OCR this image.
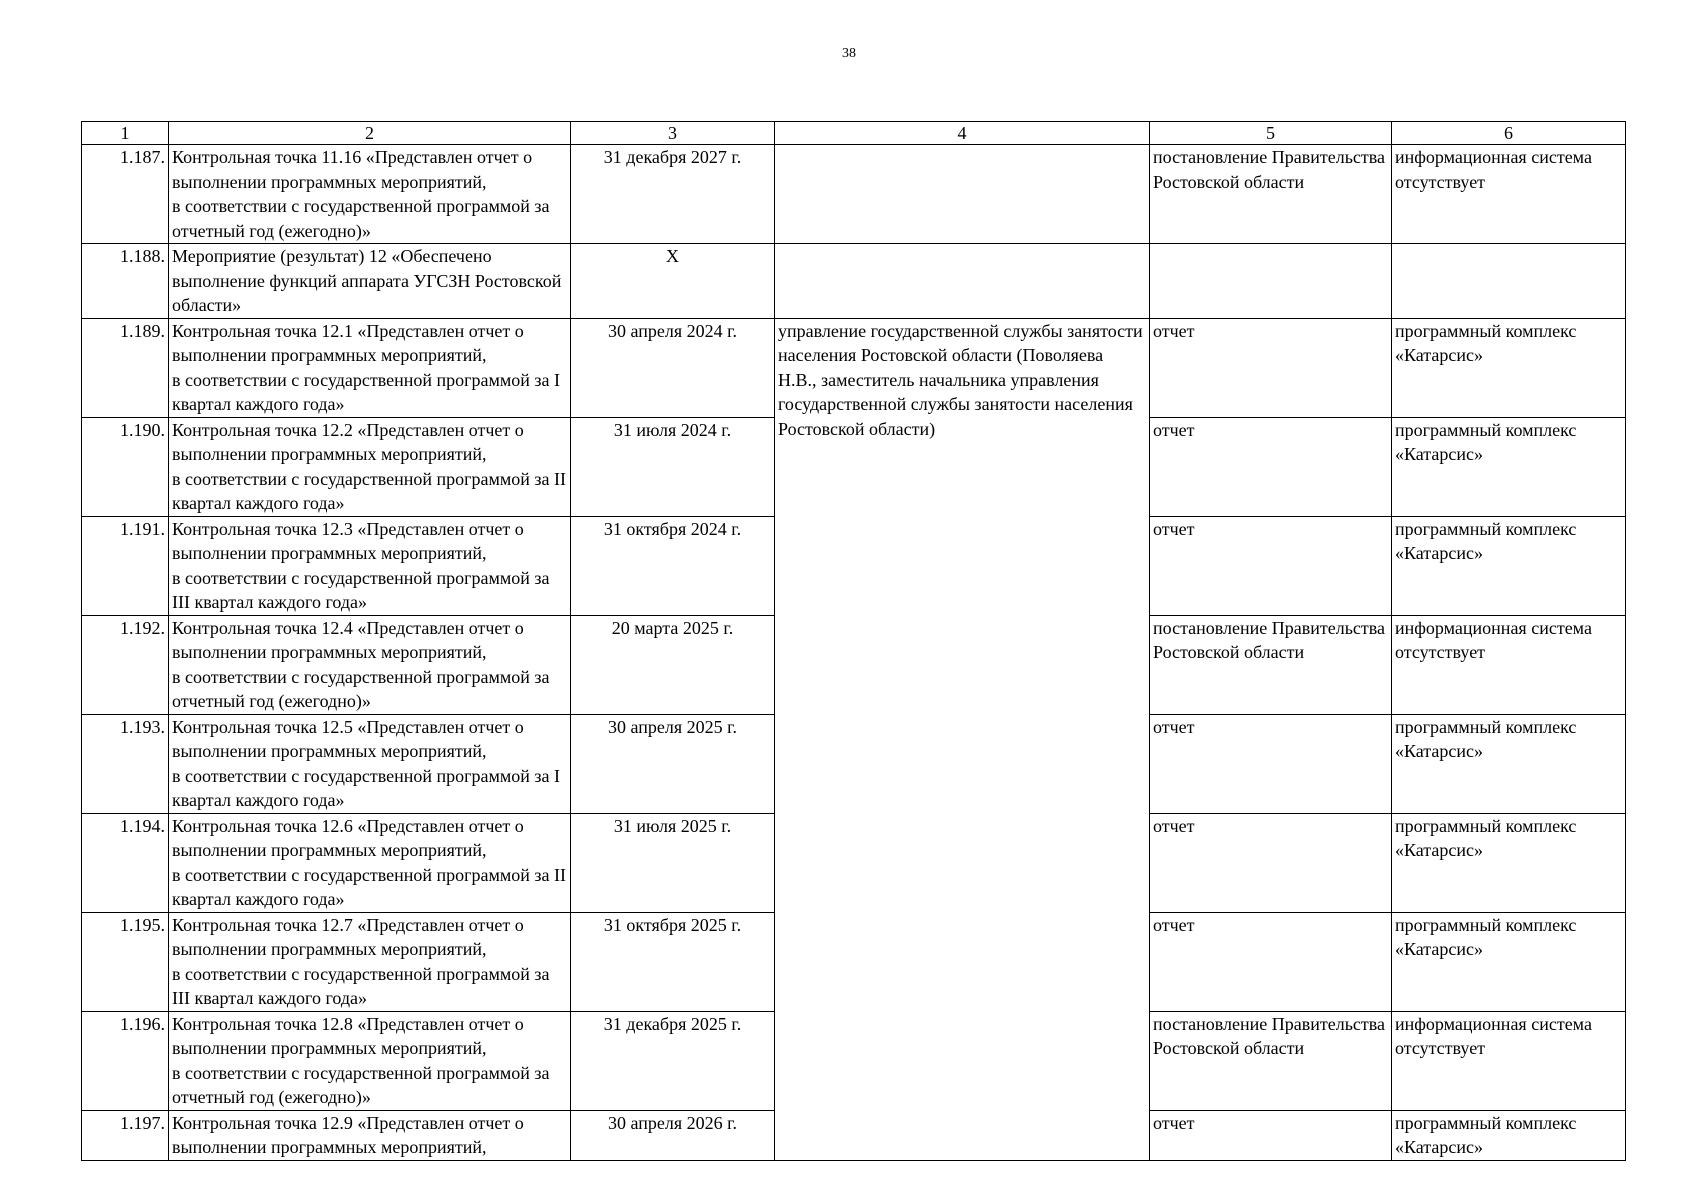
38
1	2	3	4	5	6
1.187.	Контрольная точка 11.16 «Представлен отчет о выполнении программных мероприятий,
в соответствии с государственной программой за отчетный год (ежегодно)»	31 декабря 2027 г.		постановление Правительства Ростовской области	информационная система отсутствует
1.188.	Мероприятие (результат) 12 «Обеспечено выполнение функций аппарата УГСЗН Ростовской области»	X			
1.189.	Контрольная точка 12.1 «Представлен отчет о выполнении программных мероприятий,
в соответствии с государственной программой за I квартал каждого года»	30 апреля 2024 г.	управление государственной службы занятости населения Ростовской области (Поволяева Н.В., заместитель начальника управления государственной службы занятости населения Ростовской области)	отчет	программный комплекс «Катарсис»
1.190.	Контрольная точка 12.2 «Представлен отчет о выполнении программных мероприятий,
в соответствии с государственной программой за II квартал каждого года»	31 июля 2024 г.		отчет	программный комплекс «Катарсис»
1.191.	Контрольная точка 12.3 «Представлен отчет о выполнении программных мероприятий,
в соответствии с государственной программой за III квартал каждого года»	31 октября 2024 г.		отчет	программный комплекс «Катарсис»
1.192.	Контрольная точка 12.4 «Представлен отчет о выполнении программных мероприятий,
в соответствии с государственной программой за отчетный год (ежегодно)»	20 марта 2025 г.		постановление Правительства Ростовской области	информационная система отсутствует
1.193.	Контрольная точка 12.5 «Представлен отчет о выполнении программных мероприятий,
в соответствии с государственной программой за I квартал каждого года»	30 апреля 2025 г.		отчет	программный комплекс «Катарсис»
1.194.	Контрольная точка 12.6 «Представлен отчет о выполнении программных мероприятий,
в соответствии с государственной программой за II квартал каждого года»	31 июля 2025 г.		отчет	программный комплекс «Катарсис»
1.195.	Контрольная точка 12.7 «Представлен отчет о выполнении программных мероприятий,
в соответствии с государственной программой за III квартал каждого года»	31 октября 2025 г.		отчет	программный комплекс «Катарсис»
1.196.	Контрольная точка 12.8 «Представлен отчет о выполнении программных мероприятий,
в соответствии с государственной программой за отчетный год (ежегодно)»	31 декабря 2025 г.		постановление Правительства Ростовской области	информационная система отсутствует
1.197.	Контрольная точка 12.9 «Представлен отчет о выполнении программных мероприятий,	30 апреля 2026 г.		отчет	программный комплекс «Катарсис»
